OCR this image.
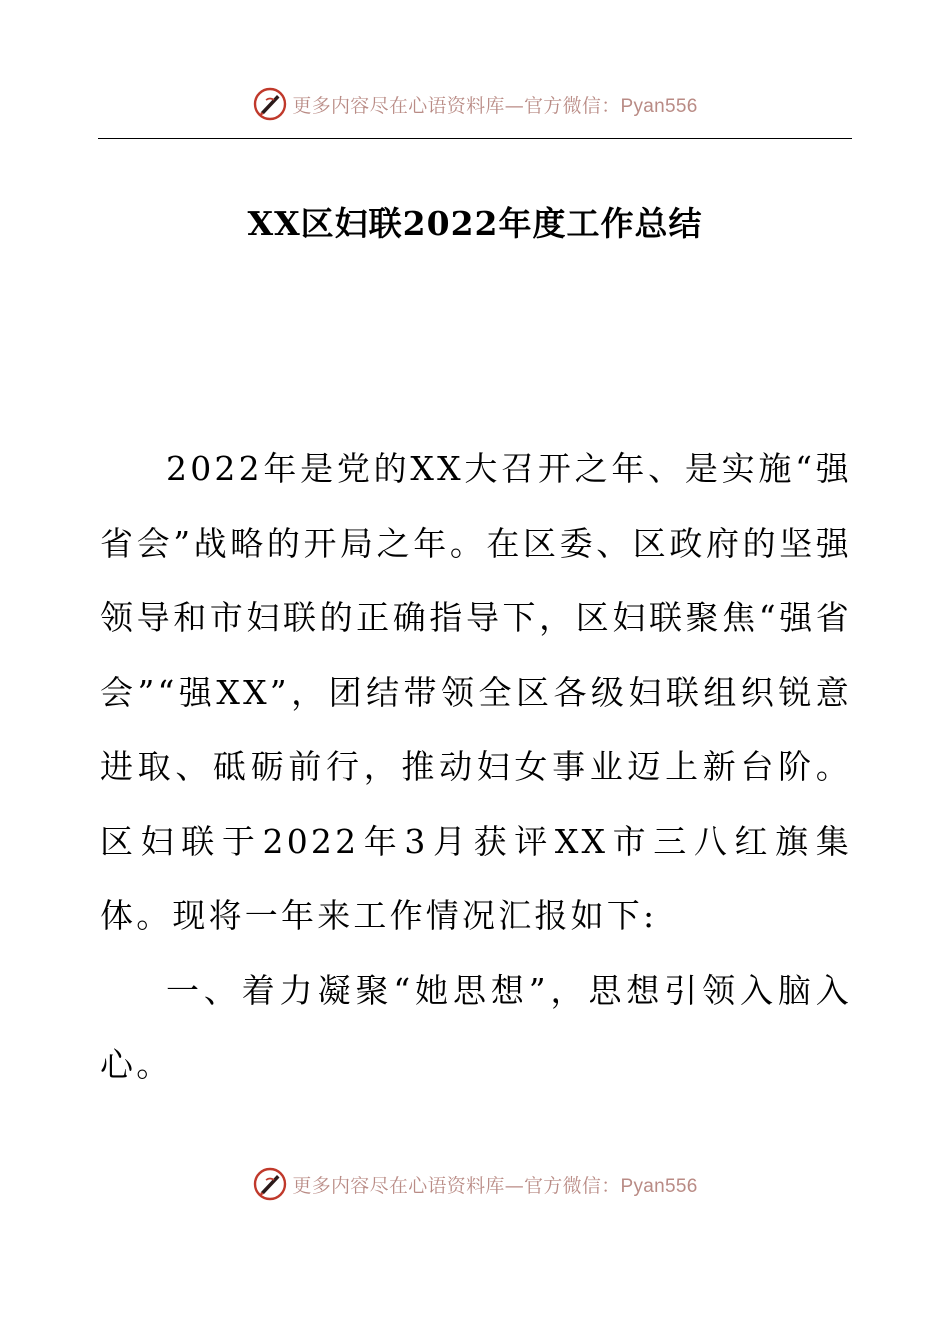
更多内容尽在心语资料库—官方微信：Pyan556
XX区妇联2022年度工作总结

2022年是党的XX大召开之年、是实施“强省会”战略的开局之年。在区委、区政府的坚强领导和市妇联的正确指导下，区妇联聚焦“强省会”“强XX”，团结带领全区各级妇联组织锐意进取、砥砺前行，推动妇女事业迈上新台阶。区妇联于2022年3月获评XX市三八红旗集体。现将一年来工作情况汇报如下:

一、着力凝聚“她思想”，思想引领入脑入心。

更多内容尽在心语资料库—官方微信：Pyan556
